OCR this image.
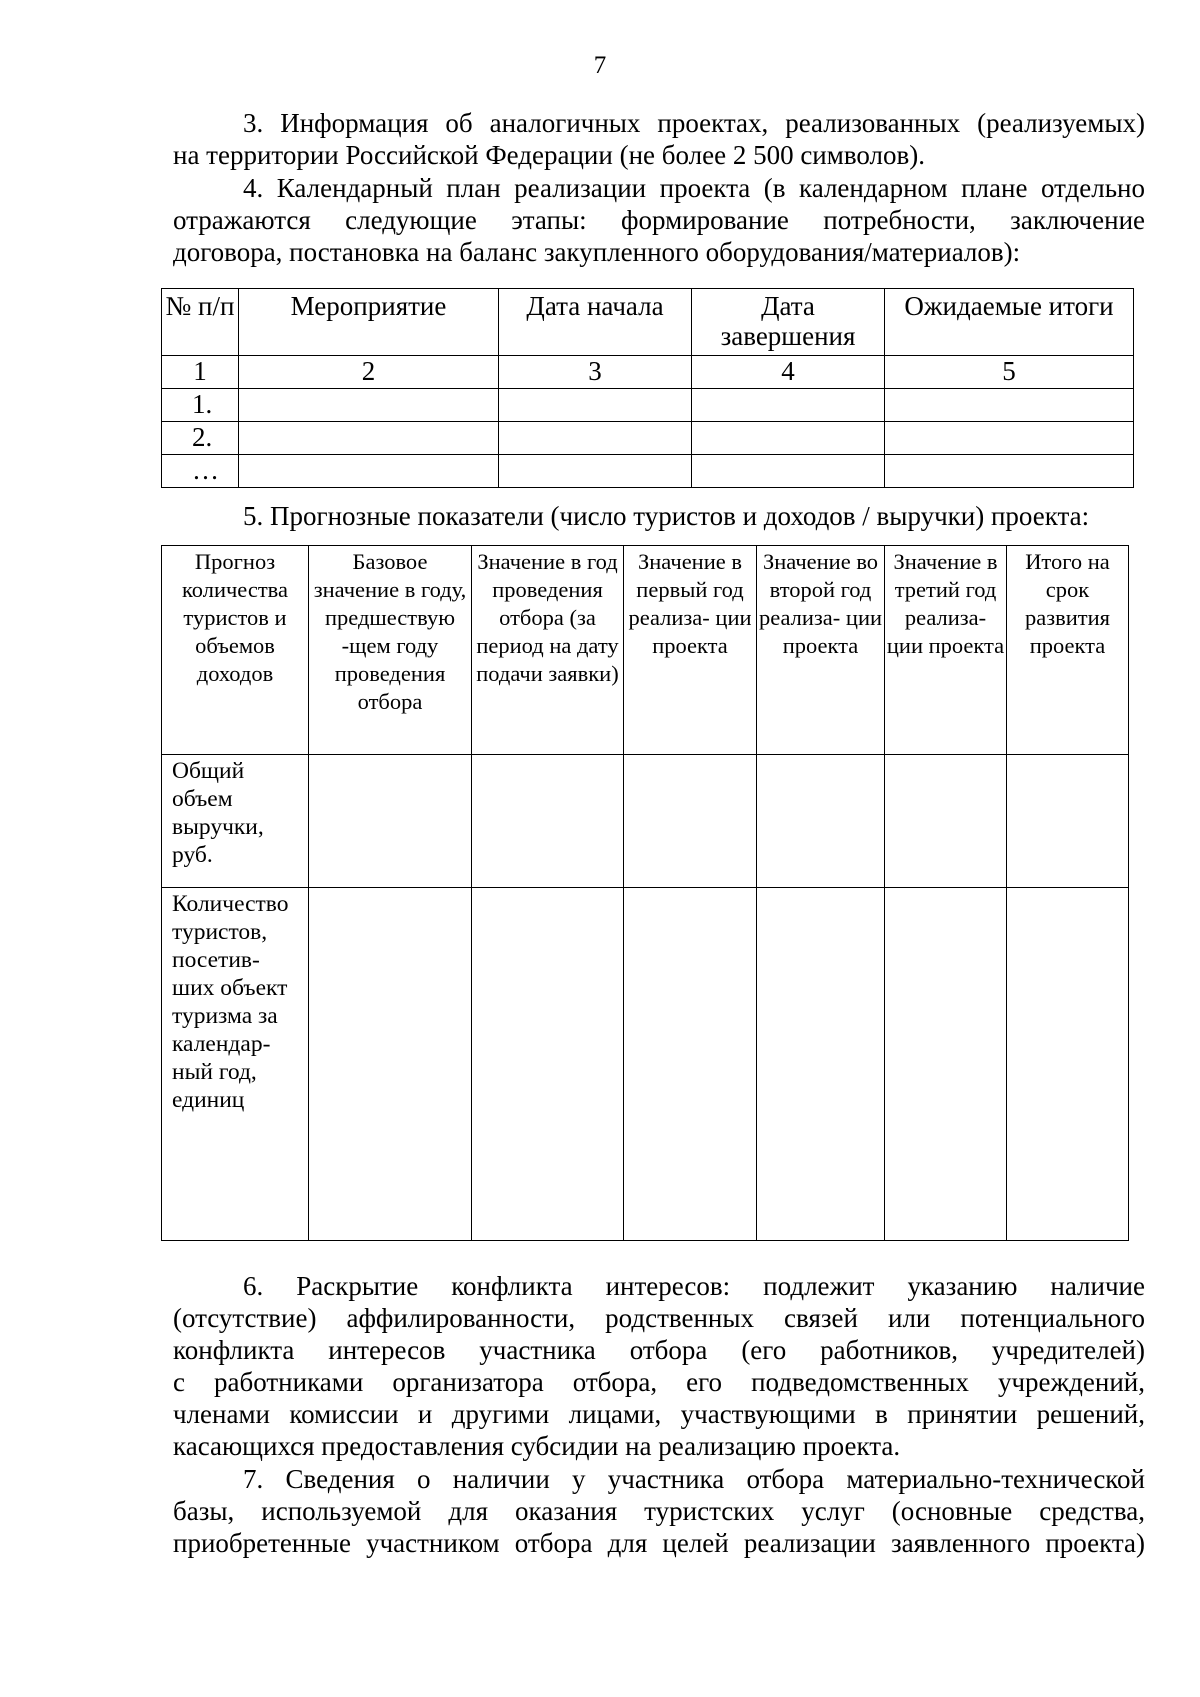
7
3. Информация об аналогичных проектах, реализованных (реализуемых)
на территории Российской Федерации (не более 2 500 символов).
4. Календарный план реализации проекта (в календарном плане отдельно
отражаются следующие этапы: формирование потребности, заключение
договора, постановка на баланс закупленного оборудования/материалов):
№ п/п	Мероприятие	Дата начала	Дата завершения	Ожидаемые итоги
1	2	3	4	5
1.				
2.				
…				
5. Прогнозные показатели (число туристов и доходов / выручки) проекта:
Прогноз количества туристов и объемов доходов	Базовое значение в году, предшествую -щем году проведения отбора	Значение в год проведения отбора (за период на дату подачи заявки)	Значение в первый год реализа- ции проекта	Значение во второй год реализа- ции проекта	Значение в третий год реализа- ции проекта	Итого на срок развития проекта
Общий объем выручки, руб.						
Количество туристов, посетив- ших объект туризма за календар- ный год, единиц						
6. Раскрытие конфликта интересов: подлежит указанию наличие
(отсутствие) аффилированности, родственных связей или потенциального
конфликта интересов участника отбора (его работников, учредителей)
с работниками организатора отбора, его подведомственных учреждений,
членами комиссии и другими лицами, участвующими в принятии решений,
касающихся предоставления субсидии на реализацию проекта.
7. Сведения о наличии у участника отбора материально-технической
базы, используемой для оказания туристских услуг (основные средства,
приобретенные участником отбора для целей реализации заявленного проекта)
